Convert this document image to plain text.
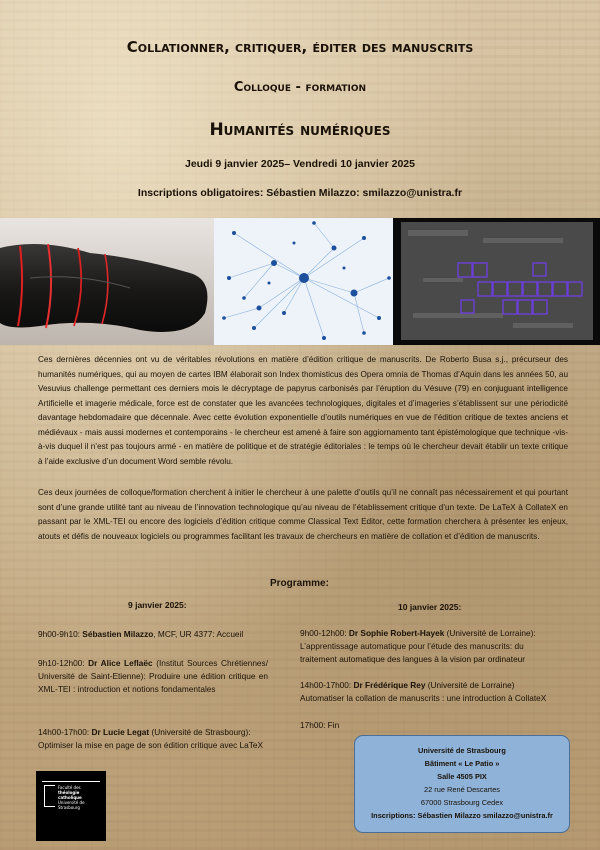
Collationner, critiquer, éditer des manuscrits
Colloque - formation
Humanités numériques
Jeudi 9 janvier 2025– Vendredi 10 janvier 2025
Inscriptions obligatoires: Sébastien Milazzo: smilazzo@unistra.fr
Ces dernières décennies ont vu de véritables révolutions en matière d’édition critique de manuscrits. De Roberto Busa s.j., précurseur des humanités numériques, qui au moyen de cartes IBM élaborait son Index thomisticus des Opera omnia de Thomas d’Aquin dans les années 50, au Vesuvius challenge permettant ces derniers mois le décryptage de papyrus carbonisés par l’éruption du Vésuve (79) en conjuguant intelligence Artificielle et imagerie médicale, force est de constater que les avancées technologiques, digitales et d’imageries s’établissent sur une périodicité davantage hebdomadaire que décennale. Avec cette évolution exponentielle d’outils numériques en vue de l’édition critique de textes anciens et médiévaux - mais aussi modernes et contemporains - le chercheur est amené à faire son aggiornamento tant épistémologique que technique -vis-à-vis duquel il n’est pas toujours armé - en matière de politique et de stratégie éditoriales : le temps où le chercheur devait établir un texte critique à l’aide exclusive d’un document Word semble révolu.
Ces deux journées de colloque/formation cherchent à initier le chercheur à une palette d’outils qu’il ne connaît pas nécessairement et qui pourtant sont d’une grande utilité tant au niveau de l’innovation technologique qu’au niveau de l’établissement critique d’un texte. De LaTeX à CollateX en passant par le XML-TEI ou encore des logiciels d’édition critique comme Classical Text Editor, cette formation cherchera à présenter les enjeux, atouts et défis de nouveaux logiciels ou programmes facilitant les travaux de chercheurs en matière de collation et d’édition de manuscrits.
Programme:
9 janvier 2025:	10 janvier 2025:
9h00-9h10: Sébastien Milazzo, MCF, UR 4377: Accueil
9h10-12h00: Dr Alice Leflaëc (Institut Sources Chrétiennes/ Université de Saint-Etienne): Produire une édition critique en XML-TEI : introduction et notions fondamentales
14h00-17h00: Dr Lucie Legat (Université de Strasbourg): Optimiser la mise en page de son édition critique avec LaTeX
9h00-12h00: Dr Sophie Robert-Hayek (Université de Lorraine): L’apprentissage automatique pour l’étude des manuscrits: du traitement automatique des langues à la vision par ordinateur
14h00-17h00: Dr Frédérique Rey (Université de Lorraine) Automatiser la collation de manuscrits : une introduction à CollateX
17h00: Fin
Université de Strasbourg
Bâtiment « Le Patio »
Salle 4505 PIX
22 rue René Descartes
67000 Strasbourg Cedex
Inscriptions: Sébastien Milazzo smilazzo@unistra.fr
Faculté des
théologie
catholique
Université de Strasbourg
